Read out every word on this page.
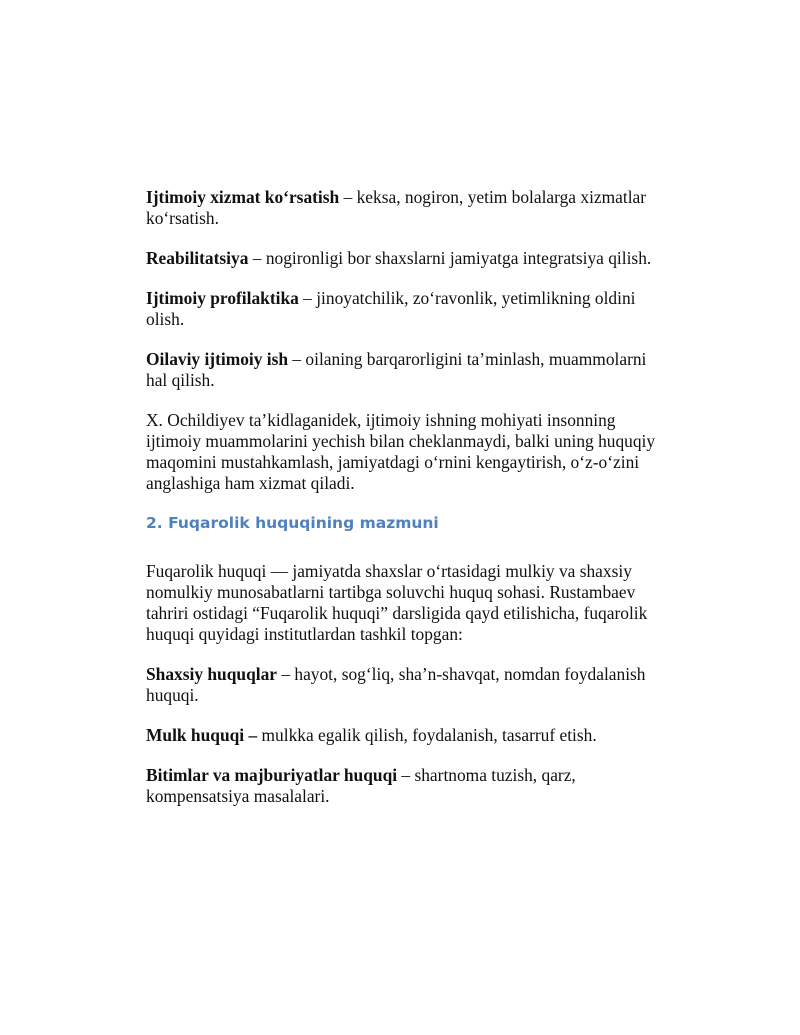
Ijtimoiy xizmat ko‘rsatish – keksa, nogiron, yetim bolalarga xizmatlar ko‘rsatish.

Reabilitatsiya – nogironligi bor shaxslarni jamiyatga integratsiya qilish.

Ijtimoiy profilaktika – jinoyatchilik, zo‘ravonlik, yetimlikning oldini olish.

Oilaviy ijtimoiy ish – oilaning barqarorligini ta’minlash, muammolarni hal qilish.

X. Ochildiyev ta’kidlaganidek, ijtimoiy ishning mohiyati insonning ijtimoiy muammolarini yechish bilan cheklanmaydi, balki uning huquqiy maqomini mustahkamlash, jamiyatdagi o‘rnini kengaytirish, o‘z-o‘zini anglashiga ham xizmat qiladi.

2. Fuqarolik huquqining mazmuni

Fuqarolik huquqi — jamiyatda shaxslar o‘rtasidagi mulkiy va shaxsiy nomulkiy munosabatlarni tartibga soluvchi huquq sohasi. Rustambaev tahriri ostidagi “Fuqarolik huquqi” darsligida qayd etilishicha, fuqarolik huquqi quyidagi institutlardan tashkil topgan:

Shaxsiy huquqlar – hayot, sog‘liq, sha’n-shavqat, nomdan foydalanish huquqi.

Mulk huquqi – mulkka egalik qilish, foydalanish, tasarruf etish.

Bitimlar va majburiyatlar huquqi – shartnoma tuzish, qarz, kompensatsiya masalalari.
